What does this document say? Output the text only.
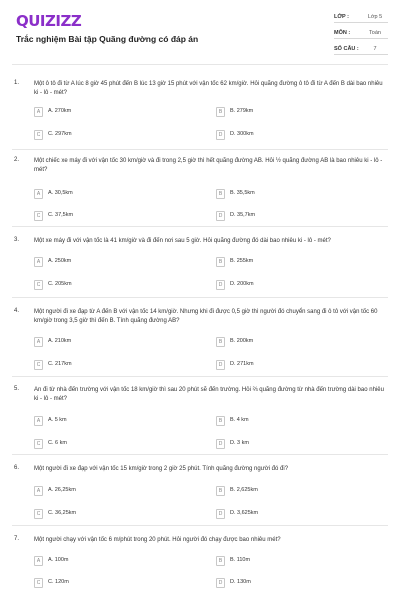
QUIZIZZ
Trắc nghiệm Bài tập Quãng đường có đáp án
LỚP :	Lớp 5
MÔN :	Toán
SỐ CÂU :	7
1. Một ô tô đi từ A lúc 8 giờ 45 phút đến B lúc 13 giờ 15 phút với vận tốc 62 km/giờ. Hỏi quãng đường ô tô đi từ A đến B dài bao nhiêu ki - lô - mét?
A	A. 270km	B	B. 279km
C	C. 297km	D	D. 300km
2. Một chiếc xe máy đi với vận tốc 30 km/giờ và đi trong 2,5 giờ thì hết quãng đường AB. Hỏi ½ quãng đường AB là bao nhiêu ki - lô - mét?
A	A. 30,5km	B	B. 35,5km
C	C. 37,5km	D	D. 35,7km
3. Một xe máy đi với vận tốc là 41 km/giờ và đi đến nơi sau 5 giờ. Hỏi quãng đường đó dài bao nhiêu ki - lô - mét?
A	A. 250km	B	B. 255km
C	C. 205km	D	D. 200km
4. Một người đi xe đạp từ A đến B với vận tốc 14 km/giờ. Nhưng khi đi được 0,5 giờ thì người đó chuyển sang đi ô tô với vận tốc 60 km/giờ trong 3,5 giờ thì đến B. Tính quãng đường AB?
A	A. 210km	B	B. 200km
C	C. 217km	D	D. 271km
5. An đi từ nhà đến trường với vận tốc 18 km/giờ thì sau 20 phút sẽ đến trường. Hỏi ⅔ quãng đường từ nhà đến trường dài bao nhiêu ki - lô - mét?
A	A. 5 km	B	B. 4 km
C	C. 6 km	D	D. 3 km
6. Một người đi xe đạp với vận tốc 15 km/giờ trong 2 giờ 25 phút. Tính quãng đường người đó đi?
A	A. 26,25km	B	B. 2,625km
C	C. 36,25km	D	D. 3,625km
7. Một người chạy với vận tốc 6 m/phút trong 20 phút. Hỏi người đó chạy được bao nhiêu mét?
A	A. 100m	B	B. 110m
C	C. 120m	D	D. 130m
